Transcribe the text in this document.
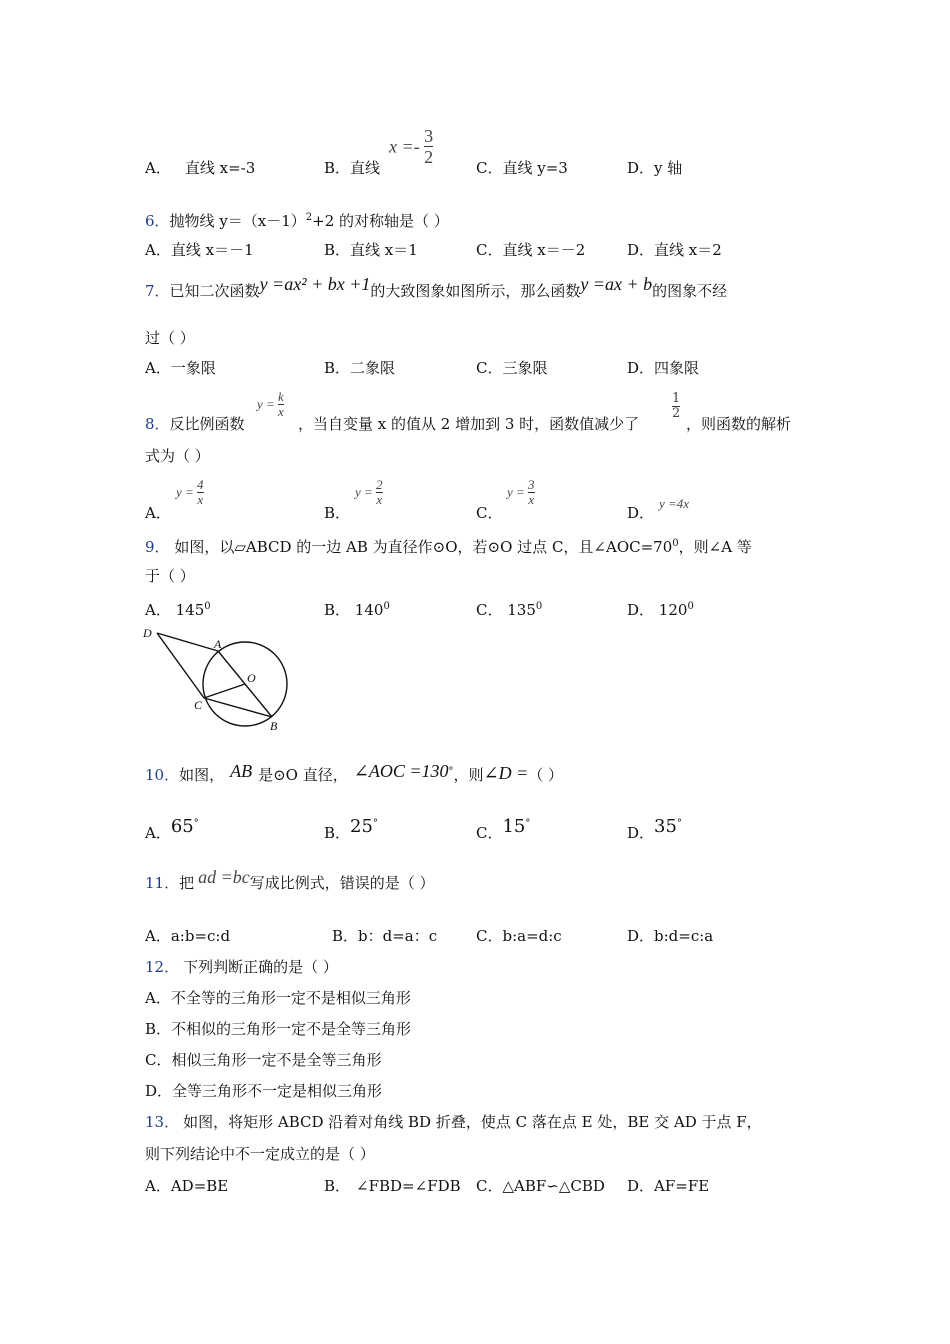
A． 直线 x=-3	B．直线
$x =- \frac{3}{2}$
C．直线 y=3	D．y 轴
6．抛物线 $y=(x-1)^2+2$ 的对称轴是（ ）
A．直线 x＝－1	B．直线 x＝1	C．直线 x＝－2	D．直线 x＝2
7．已知二次函数y =ax² + bx +1的大致图象如图所示，那么函数y =ax + b的图象不经
过（ ）
A．一象限	B．二象限	C．三象限	D．四象限
8．反比例函数
$y = \frac{k}{x}$
，当自变量 x 的值从 2 增加到 3 时，函数值减少了
$\frac{1}{2}$
，则函数的解析
式为（ ）
A．
$y = \frac{4}{x}$
B．
$y = \frac{2}{x}$
C．
$y = \frac{3}{x}$
D．
y =4x
9． 如图，以▱ABCD 的一边 AB 为直径作⊙O，若⊙O 过点 C，且$\angle AOC=70^0$，则∠A 等
于（ ）
A． $145^0$	B． $140^0$	C． $135^0$	D． $120^0$
D
A
O
C
B
10．如图， AB 是⊙O 直径， ∠AOC =130°，则∠D =（ ）
A．65°
B．25°
C．15°
D．35°
11．把 ad =bc写成比例式，错误的是（ ）
A．a:b=c:d	B．b：d=a：c	C．b:a=d:c	D．b:d=c:a
12． 下列判断正确的是（ ）
A．不全等的三角形一定不是相似三角形
B．不相似的三角形一定不是全等三角形
C．相似三角形一定不是全等三角形
D．全等三角形不一定是相似三角形
13． 如图，将矩形 ABCD 沿着对角线 BD 折叠，使点 C 落在点 E 处，BE 交 AD 于点 F，
则下列结论中不一定成立的是（ ）
A．AD=BE	B． ∠FBD=∠FDB C．△ABF∽△CBD D．AF=FE
